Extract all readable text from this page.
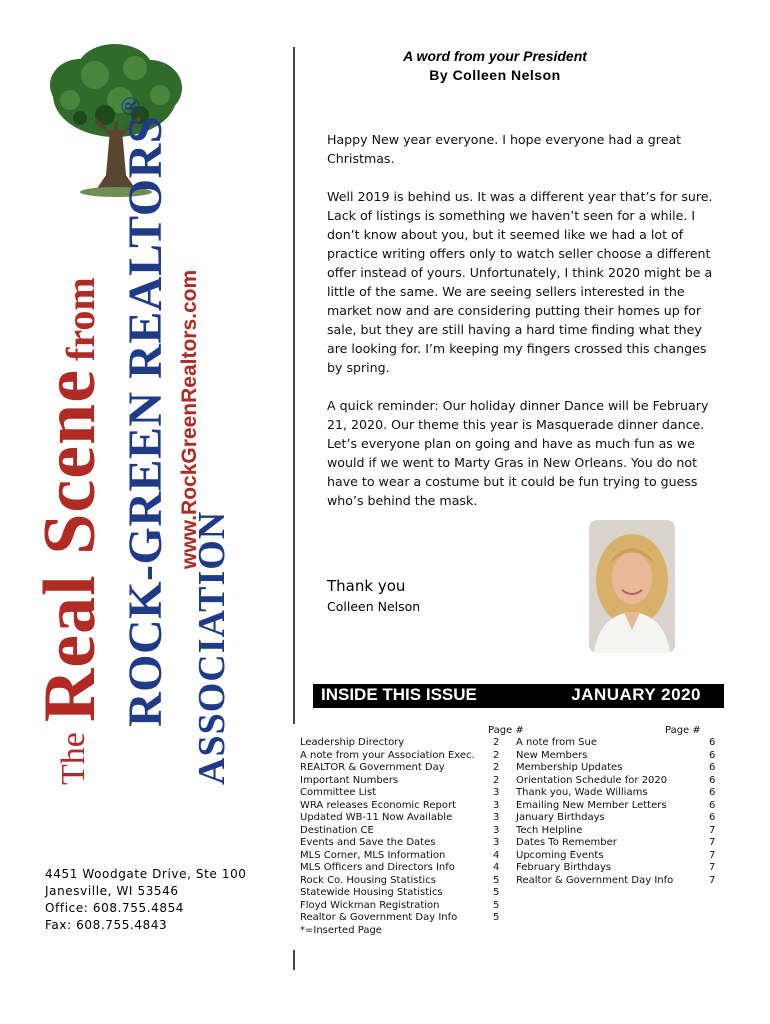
TheReal Scenefrom ROCK-GREEN REALTORS®
ASSOCIATION
www.RockGreenRealtors.com
4451 Woodgate Drive, Ste 100
Janesville, WI 53546
Office: 608.755.4854
Fax: 608.755.4843
A word from your President
By Colleen Nelson

Happy New year everyone. I hope everyone had a great Christmas.

Well 2019 is behind us. It was a different year that’s for sure. Lack of listings is something we haven’t seen for a while. I don’t know about you, but it seemed like we had a lot of practice writing offers only to watch seller choose a different offer instead of yours. Unfortunately, I think 2020 might be a little of the same. We are seeing sellers interested in the market now and are considering putting their homes up for sale, but they are still having a hard time finding what they are looking for. I’m keeping my fingers crossed this changes by spring.

A quick reminder: Our holiday dinner Dance will be February 21, 2020. Our theme this year is Masquerade dinner dance. Let’s everyone plan on going and have as much fun as we would if we went to Marty Gras in New Orleans. You do not have to wear a costume but it could be fun trying to guess who’s behind the mask.

Thank you
Colleen Nelson
INSIDE THIS ISSUE	JANUARY 2020
Page #	Page #
Leadership Directory	2
A note from your Association Exec. 2
REALTOR & Government Day	2
Important Numbers	2
Committee List	3
WRA releases Economic Report	3
Updated WB-11 Now Available	3
Destination CE	3
Events and Save the Dates	3
MLS Corner, MLS Information	4
MLS Officers and Directors Info	4
Rock Co. Housing Statistics	5
Statewide Housing Statistics	5
Floyd Wickman Registration	5
Realtor & Government Day Info	5
*=Inserted Page
A note from Sue	6
New Members	6
Membership Updates	6
Orientation Schedule for 2020	6
Thank you, Wade Williams	6
Emailing New Member Letters	6
January Birthdays	6
Tech Helpline	7
Dates To Remember	7
Upcoming Events	7
February Birthdays	7
Realtor & Government Day Info	7
